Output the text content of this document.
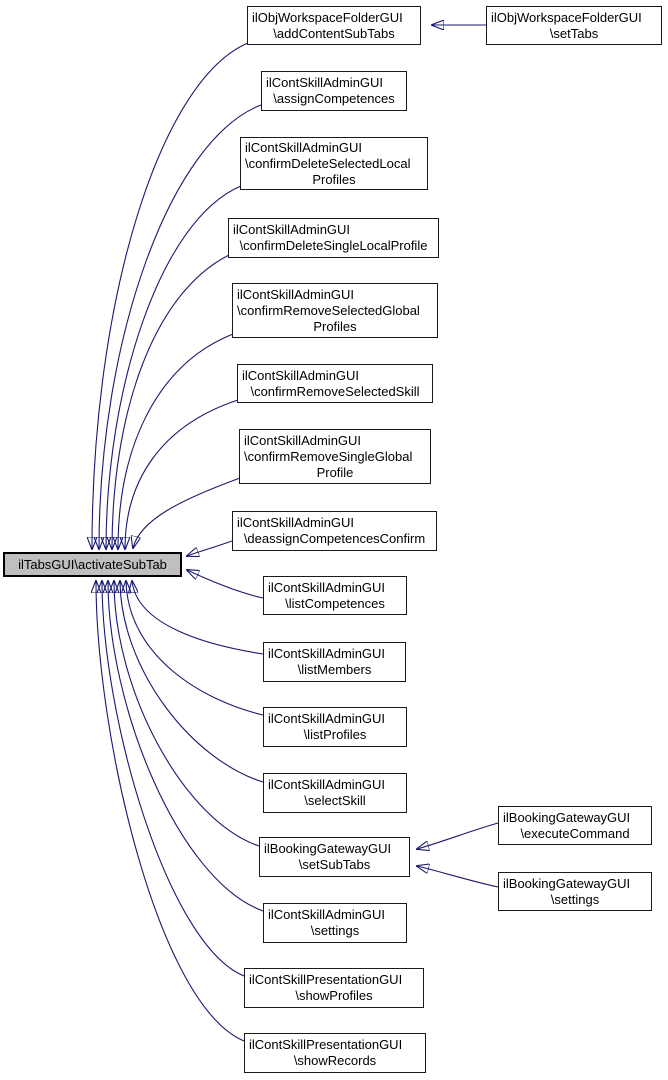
ilTabsGUI\activateSubTab
ilObjWorkspaceFolderGUI
\addContentSubTabs
ilObjWorkspaceFolderGUI
\setTabs
ilContSkillAdminGUI
\assignCompetences
ilContSkillAdminGUI
\confirmDeleteSelectedLocal
Profiles
ilContSkillAdminGUI
\confirmDeleteSingleLocalProfile
ilContSkillAdminGUI
\confirmRemoveSelectedGlobal
Profiles
ilContSkillAdminGUI
\confirmRemoveSelectedSkill
ilContSkillAdminGUI
\confirmRemoveSingleGlobal
Profile
ilContSkillAdminGUI
\deassignCompetencesConfirm
ilContSkillAdminGUI
\listCompetences
ilContSkillAdminGUI
\listMembers
ilContSkillAdminGUI
\listProfiles
ilContSkillAdminGUI
\selectSkill
ilBookingGatewayGUI
\setSubTabs
ilBookingGatewayGUI
\executeCommand
ilBookingGatewayGUI
\settings
ilContSkillAdminGUI
\settings
ilContSkillPresentationGUI
\showProfiles
ilContSkillPresentationGUI
\showRecords
